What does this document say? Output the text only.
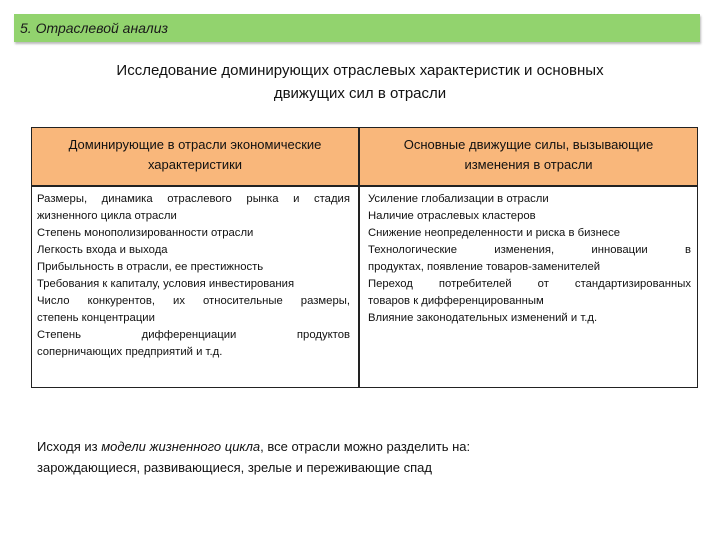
5. Отраслевой анализ
Исследование доминирующих отраслевых характеристик и основных
движущих сил в отрасли
Доминирующие в отрасли экономические
характеристики
Основные движущие силы, вызывающие
изменения в отрасли
Размеры, динамика отраслевого рынка и стадия
жизненного цикла отрасли
Степень монополизированности отрасли
Легкость входа и выхода
Прибыльность в отрасли, ее престижность
Требования к капиталу, условия инвестирования
Число конкурентов, их относительные размеры,
степень концентрации
Степень дифференциации продуктов
соперничающих предприятий и т.д.
Усиление глобализации в отрасли
Наличие отраслевых кластеров
Снижение неопределенности и риска в бизнесе
Технологические изменения, инновации в
продуктах, появление товаров-заменителей
Переход потребителей от стандартизированных
товаров к дифференцированным
Влияние законодательных изменений и т.д.
Исходя из модели жизненного цикла, все отрасли можно разделить на:
зарождающиеся, развивающиеся, зрелые и переживающие спад
